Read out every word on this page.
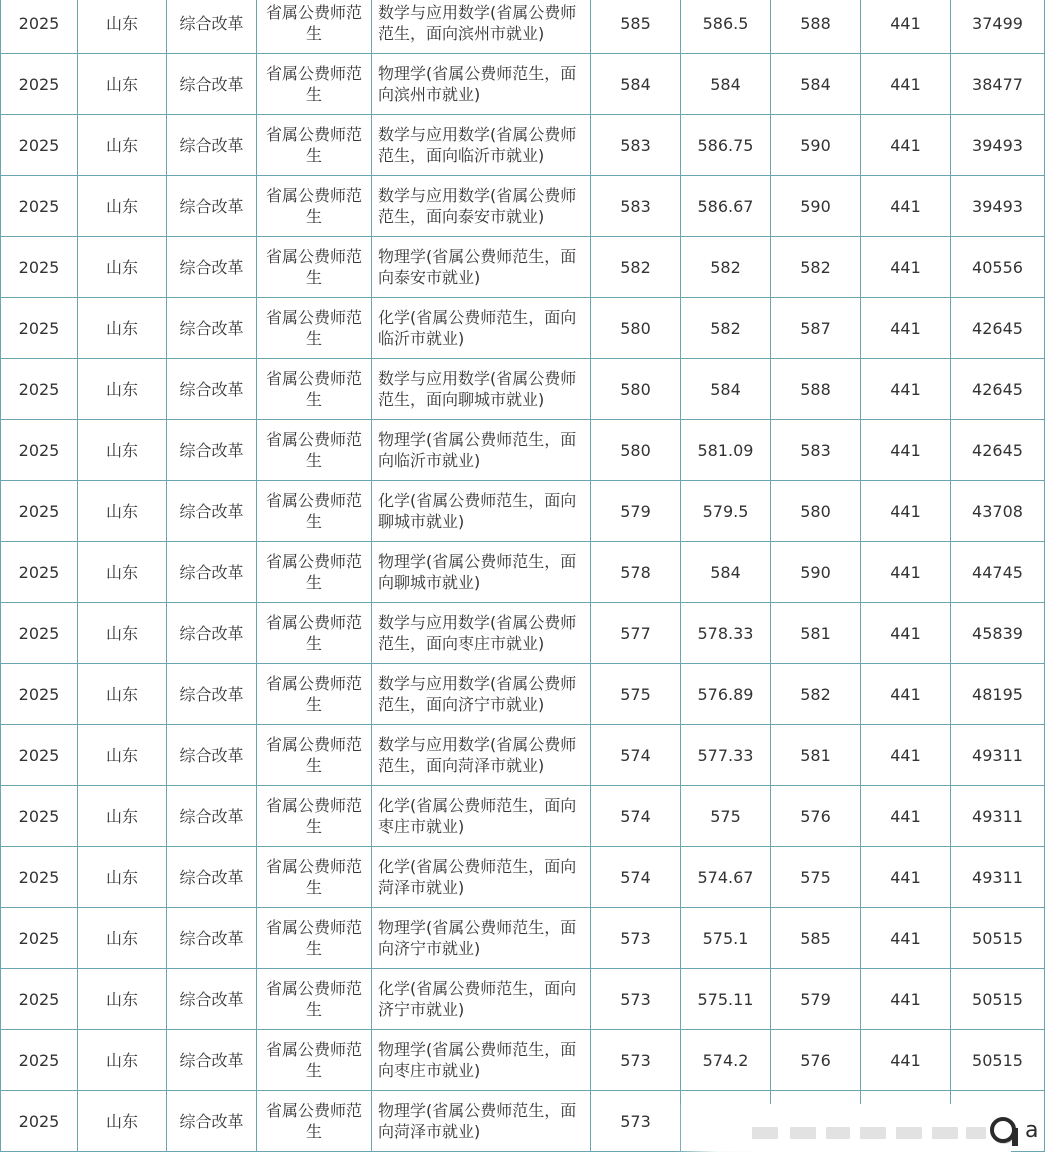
2025	山东	综合改革	省属公费师范生	数学与应用数学(省属公费师范生，面向滨州市就业)	585	586.5	588	441	37499
2025	山东	综合改革	省属公费师范生	物理学(省属公费师范生，面向滨州市就业)	584	584	584	441	38477
2025	山东	综合改革	省属公费师范生	数学与应用数学(省属公费师范生，面向临沂市就业)	583	586.75	590	441	39493
2025	山东	综合改革	省属公费师范生	数学与应用数学(省属公费师范生，面向泰安市就业)	583	586.67	590	441	39493
2025	山东	综合改革	省属公费师范生	物理学(省属公费师范生，面向泰安市就业)	582	582	582	441	40556
2025	山东	综合改革	省属公费师范生	化学(省属公费师范生，面向临沂市就业)	580	582	587	441	42645
2025	山东	综合改革	省属公费师范生	数学与应用数学(省属公费师范生，面向聊城市就业)	580	584	588	441	42645
2025	山东	综合改革	省属公费师范生	物理学(省属公费师范生，面向临沂市就业)	580	581.09	583	441	42645
2025	山东	综合改革	省属公费师范生	化学(省属公费师范生，面向聊城市就业)	579	579.5	580	441	43708
2025	山东	综合改革	省属公费师范生	物理学(省属公费师范生，面向聊城市就业)	578	584	590	441	44745
2025	山东	综合改革	省属公费师范生	数学与应用数学(省属公费师范生，面向枣庄市就业)	577	578.33	581	441	45839
2025	山东	综合改革	省属公费师范生	数学与应用数学(省属公费师范生，面向济宁市就业)	575	576.89	582	441	48195
2025	山东	综合改革	省属公费师范生	数学与应用数学(省属公费师范生，面向菏泽市就业)	574	577.33	581	441	49311
2025	山东	综合改革	省属公费师范生	化学(省属公费师范生，面向枣庄市就业)	574	575	576	441	49311
2025	山东	综合改革	省属公费师范生	化学(省属公费师范生，面向菏泽市就业)	574	574.67	575	441	49311
2025	山东	综合改革	省属公费师范生	物理学(省属公费师范生，面向济宁市就业)	573	575.1	585	441	50515
2025	山东	综合改革	省属公费师范生	化学(省属公费师范生，面向济宁市就业)	573	575.11	579	441	50515
2025	山东	综合改革	省属公费师范生	物理学(省属公费师范生，面向枣庄市就业)	573	574.2	576	441	50515
2025	山东	综合改革	省属公费师范生	物理学(省属公费师范生，面向菏泽市就业)	573					a
